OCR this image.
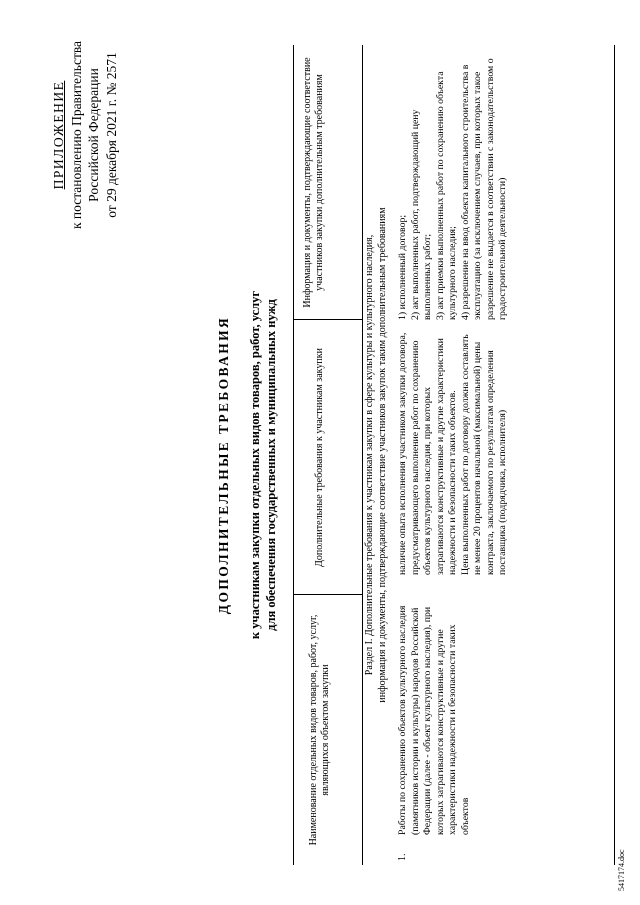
ПРИЛОЖЕНИЕ к постановлению Правительства Российской Федерации от 29 декабря 2021 г. № 2571
ДОПОЛНИТЕЛЬНЫЕ ТРЕБОВАНИЯ к участникам закупки отдельных видов товаров, работ, услуг для обеспечения государственных и муниципальных нужд
Наименование отдельных видов товаров, работ, услуг, являющихся объектом закупки
Дополнительные требования к участникам закупки
Информация и документы, подтверждающие соответствие участников закупки дополнительным требованиям
Раздел I. Дополнительные требования к участникам закупки в сфере культуры и культурного наследия, информация и документы, подтверждающие соответствие участников закупок таким дополнительным требованиям
1.
Работы по сохранению объектов культурного наследия (памятников истории и культуры) народов Российской Федерации (далее - объект культурного наследия), при которых затрагиваются конструктивные и другие характеристики надежности и безопасности таких объектов

наличие опыта исполнения участником закупки договора, предусматривающего выполнение работ по сохранению объектов культурного наследия, при которых затрагиваются конструктивные и другие характеристики надежности и безопасности таких объектов. Цена выполненных работ по договору должна составлять не менее 20 процентов начальной (максимальной) цены контракта, заключаемого по результатам определения поставщика (подрядчика, исполнителя)

1) исполненный договор; 2) акт выполненных работ, подтверждающий цену выполненных работ; 3) акт приемки выполненных работ по сохранению объекта культурного наследия; 4) разрешение на ввод объекта капитального строительства в эксплуатацию (за исключением случаев, при которых такое разрешение не выдается в соответствии с законодательством о градостроительной деятельности)

5417174.doc
